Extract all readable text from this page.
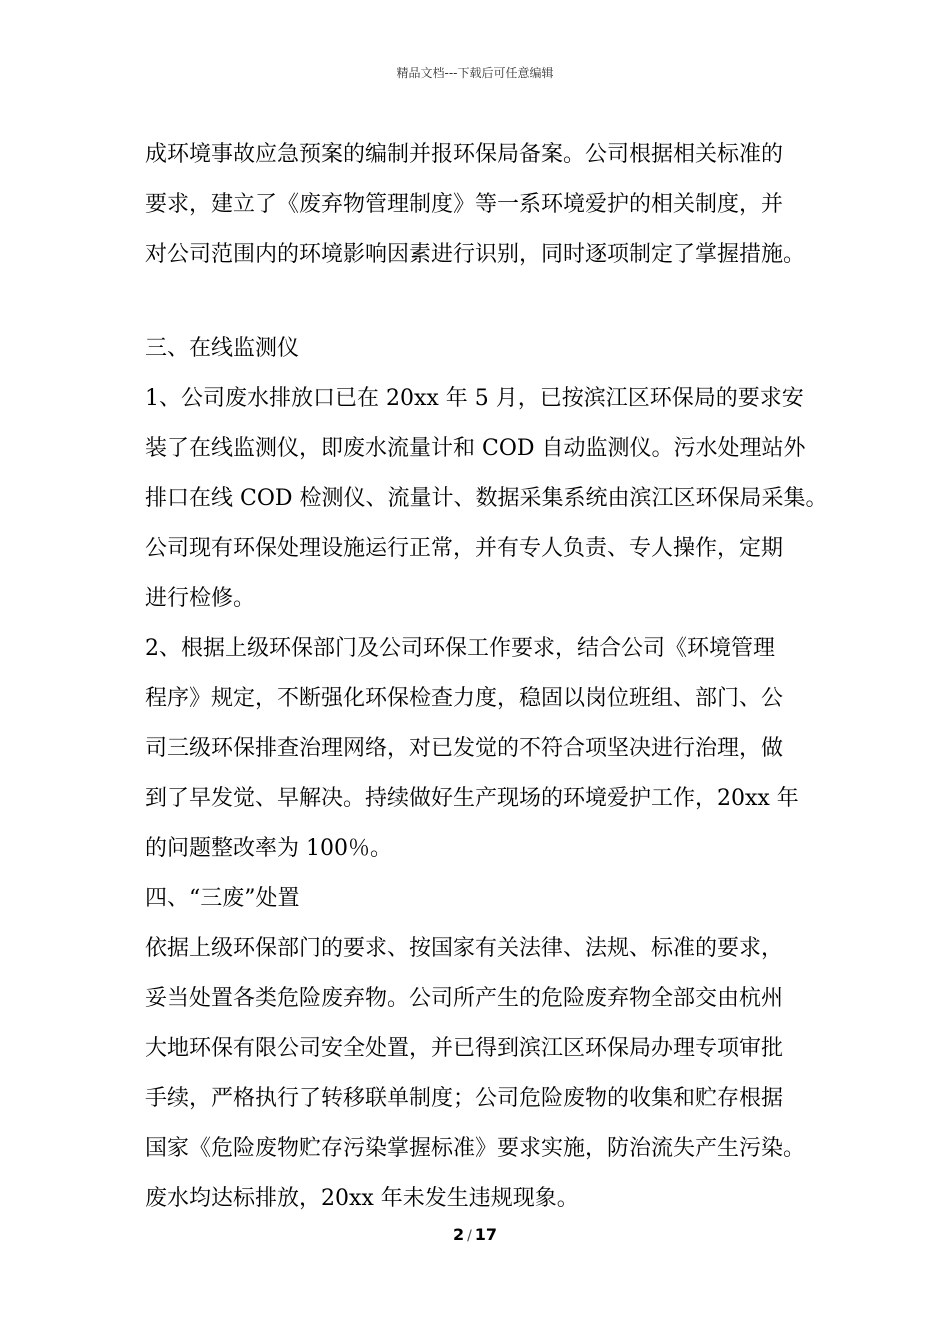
精品文档---下载后可任意编辑
成环境事故应急预案的编制并报环保局备案。公司根据相关标准的
要求，建立了《废弃物管理制度》等一系环境爱护的相关制度，并
对公司范围内的环境影响因素进行识别，同时逐项制定了掌握措施。
三、在线监测仪
1、公司废水排放口已在 20xx 年 5 月，已按滨江区环保局的要求安
装了在线监测仪，即废水流量计和 COD 自动监测仪。污水处理站外
排口在线 COD 检测仪、流量计、数据采集系统由滨江区环保局采集。
公司现有环保处理设施运行正常，并有专人负责、专人操作，定期
进行检修。
2、根据上级环保部门及公司环保工作要求，结合公司《环境管理
程序》规定，不断强化环保检查力度，稳固以岗位班组、部门、公
司三级环保排查治理网络，对已发觉的不符合项坚决进行治理，做
到了早发觉、早解决。持续做好生产现场的环境爱护工作，20xx 年
的问题整改率为 100％。
四、“三废”处置
依据上级环保部门的要求、按国家有关法律、法规、标准的要求，
妥当处置各类危险废弃物。公司所产生的危险废弃物全部交由杭州
大地环保有限公司安全处置，并已得到滨江区环保局办理专项审批
手续，严格执行了转移联单制度；公司危险废物的收集和贮存根据
国家《危险废物贮存污染掌握标准》要求实施，防治流失产生污染。
废水均达标排放，20xx 年未发生违规现象。
2 / 17
